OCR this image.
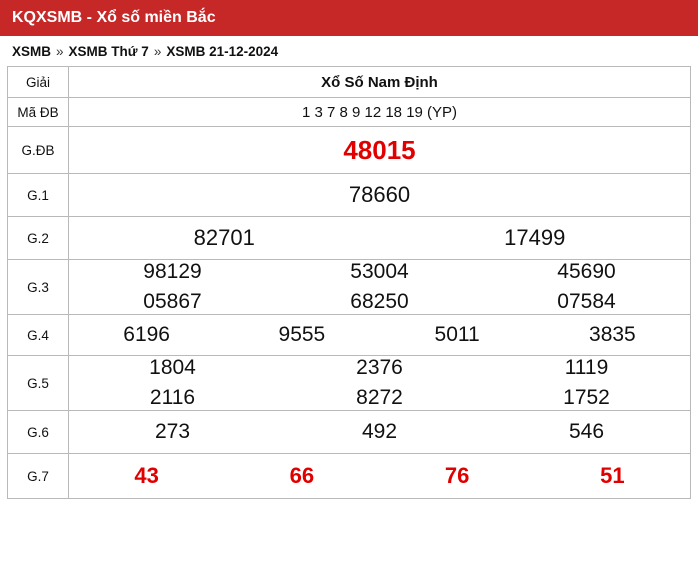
KQXSMB - Xổ số miền Bắc
XSMB » XSMB Thứ 7 » XSMB 21-12-2024
Giải	Xổ Số Nam Định
Mã ĐB	1 3 7 8 9 12 18 19 (YP)

G.ĐB	48015

G.1	78660

G.2	82701 17499

G.3	
98129	53004	45690
05867	68250	07584

G.4	6196 9555 5011 3835

G.5	
1804	2376	1119
2116	8272	1752

G.6	273 492 546

G.7	43 66 76 51
